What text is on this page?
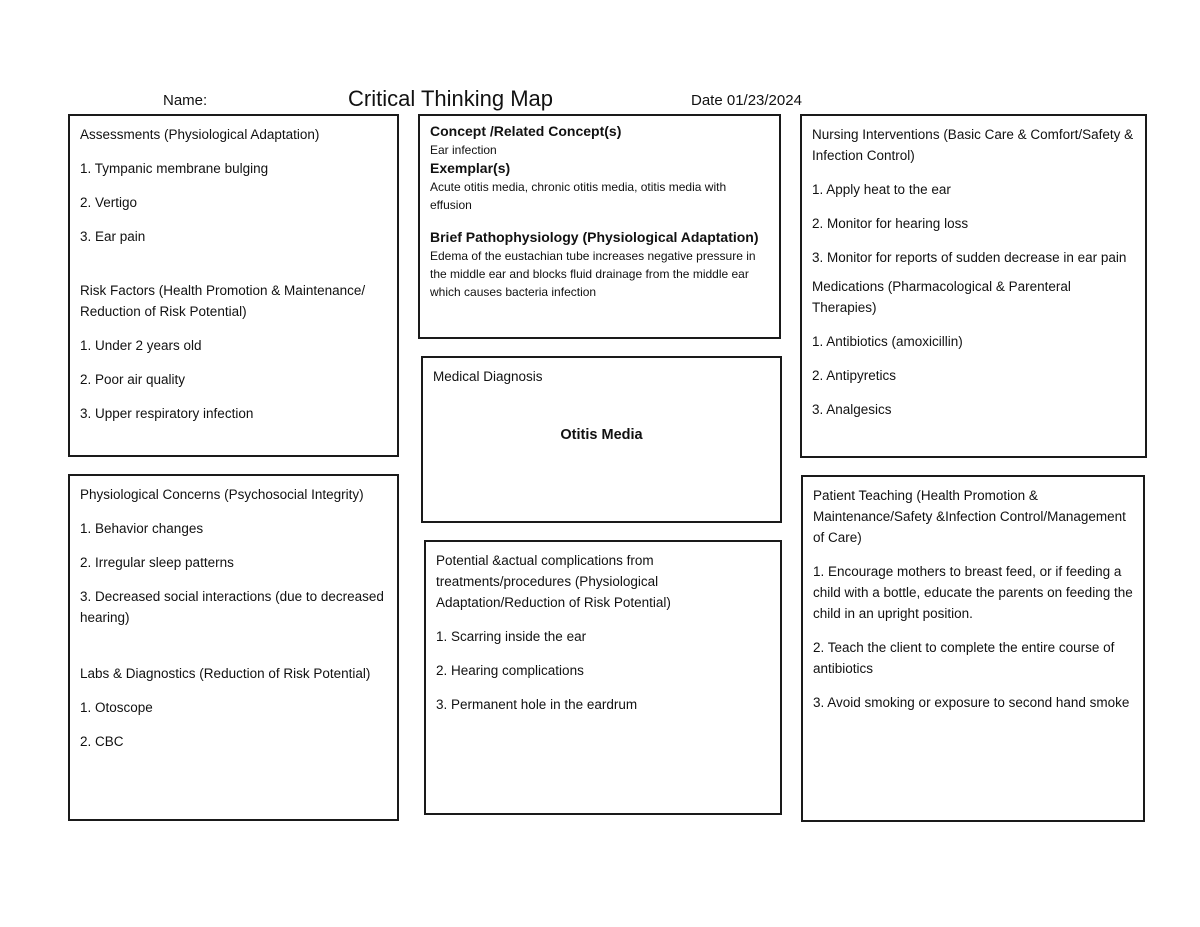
Name:	Critical Thinking Map	Date 01/23/2024

Assessments (Physiological Adaptation)

1. Tympanic membrane bulging

2. Vertigo

3. Ear pain

Risk Factors (Health Promotion & Maintenance/ Reduction of Risk Potential)

1. Under 2 years old

2. Poor air quality

3. Upper respiratory infection

Concept /Related Concept(s)
Ear infection
Exemplar(s)
Acute otitis media, chronic otitis media, otitis media with effusion
Brief Pathophysiology (Physiological Adaptation)
Edema of the eustachian tube increases negative pressure in the middle ear and blocks fluid drainage from the middle ear which causes bacteria infection

Nursing Interventions (Basic Care & Comfort/Safety & Infection Control)

1. Apply heat to the ear

2. Monitor for hearing loss

3. Monitor for reports of sudden decrease in ear pain

Medications (Pharmacological & Parenteral Therapies)

1. Antibiotics (amoxicillin)

2. Antipyretics

3. Analgesics

Medical Diagnosis
Otitis Media

Physiological Concerns (Psychosocial Integrity)

1. Behavior changes

2. Irregular sleep patterns

3. Decreased social interactions (due to decreased hearing)

Labs & Diagnostics (Reduction of Risk Potential)

1. Otoscope

2. CBC

Potential &actual complications from treatments/procedures (Physiological Adaptation/Reduction of Risk Potential)

1. Scarring inside the ear

2. Hearing complications

3. Permanent hole in the eardrum

Patient Teaching (Health Promotion & Maintenance/Safety &Infection Control/Management of Care)

1. Encourage mothers to breast feed, or if feeding a child with a bottle, educate the parents on feeding the child in an upright position.

2. Teach the client to complete the entire course of antibiotics

3. Avoid smoking or exposure to second hand smoke
